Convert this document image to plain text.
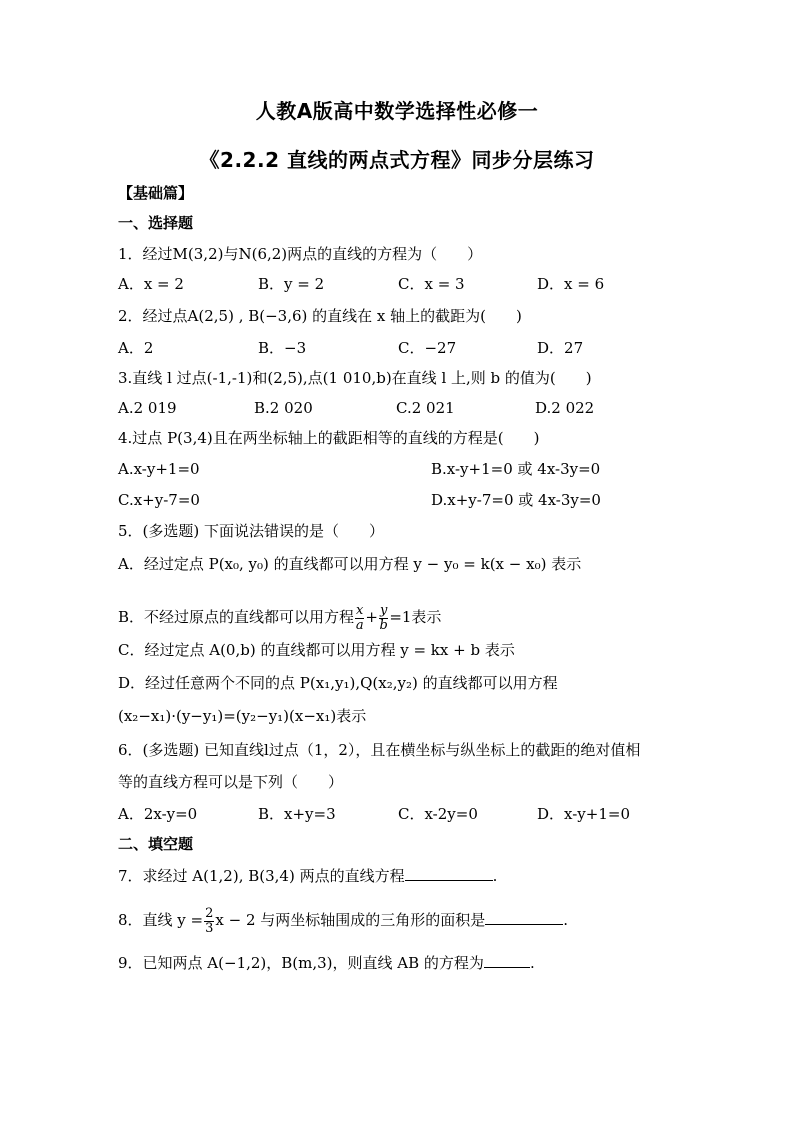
人教A版高中数学选择性必修一
《2.2.2 直线的两点式方程》同步分层练习
【基础篇】
一、选择题
1．经过M(3,2)与N(6,2)两点的直线的方程为（　　）
A．x = 2	B．y = 2	C．x = 3	D．x = 6
2．经过点A(2,5) , B(−3,6) 的直线在 x 轴上的截距为(　　)
A．2	B．−3	C．−27	D．27
3.直线 l 过点(-1,-1)和(2,5),点(1 010,b)在直线 l 上,则 b 的值为(　　)
A.2 019	B.2 020	C.2 021	D.2 022
4.过点 P(3,4)且在两坐标轴上的截距相等的直线的方程是(　　)
A.x-y+1=0	B.x-y+1=0 或 4x-3y=0
C.x+y-7=0	D.x+y-7=0 或 4x-3y=0
5．(多选题) 下面说法错误的是（　　）
A．经过定点 P(x₀, y₀) 的直线都可以用方程 y − y₀ = k(x − x₀) 表示
B．不经过原点的直线都可以用方程 $\frac{x}{a} + \frac{y}{b} =1$表示
C．经过定点 A(0,b) 的直线都可以用方程 y = kx + b 表示
D．经过任意两个不同的点 P(x₁,y₁),Q(x₂,y₂) 的直线都可以用方程
(x₂−x₁)·(y−y₁)=(y₂−y₁)(x−x₁)表示
6．(多选题) 已知直线l过点（1，2），且在横坐标与纵坐标上的截距的绝对值相
等的直线方程可以是下列（　　）
A．2x-y=0	B．x+y=3	C．x-2y=0	D．x-y+1=0
二、填空题
7．求经过 A(1,2), B(3,4) 两点的直线方程	.
8．直线 $y = \frac{2}{3}$ x − 2 与两坐标轴围成的三角形的面积是	.
9．已知两点 A(−1,2)，B(m,3)，则直线 AB 的方程为	.
